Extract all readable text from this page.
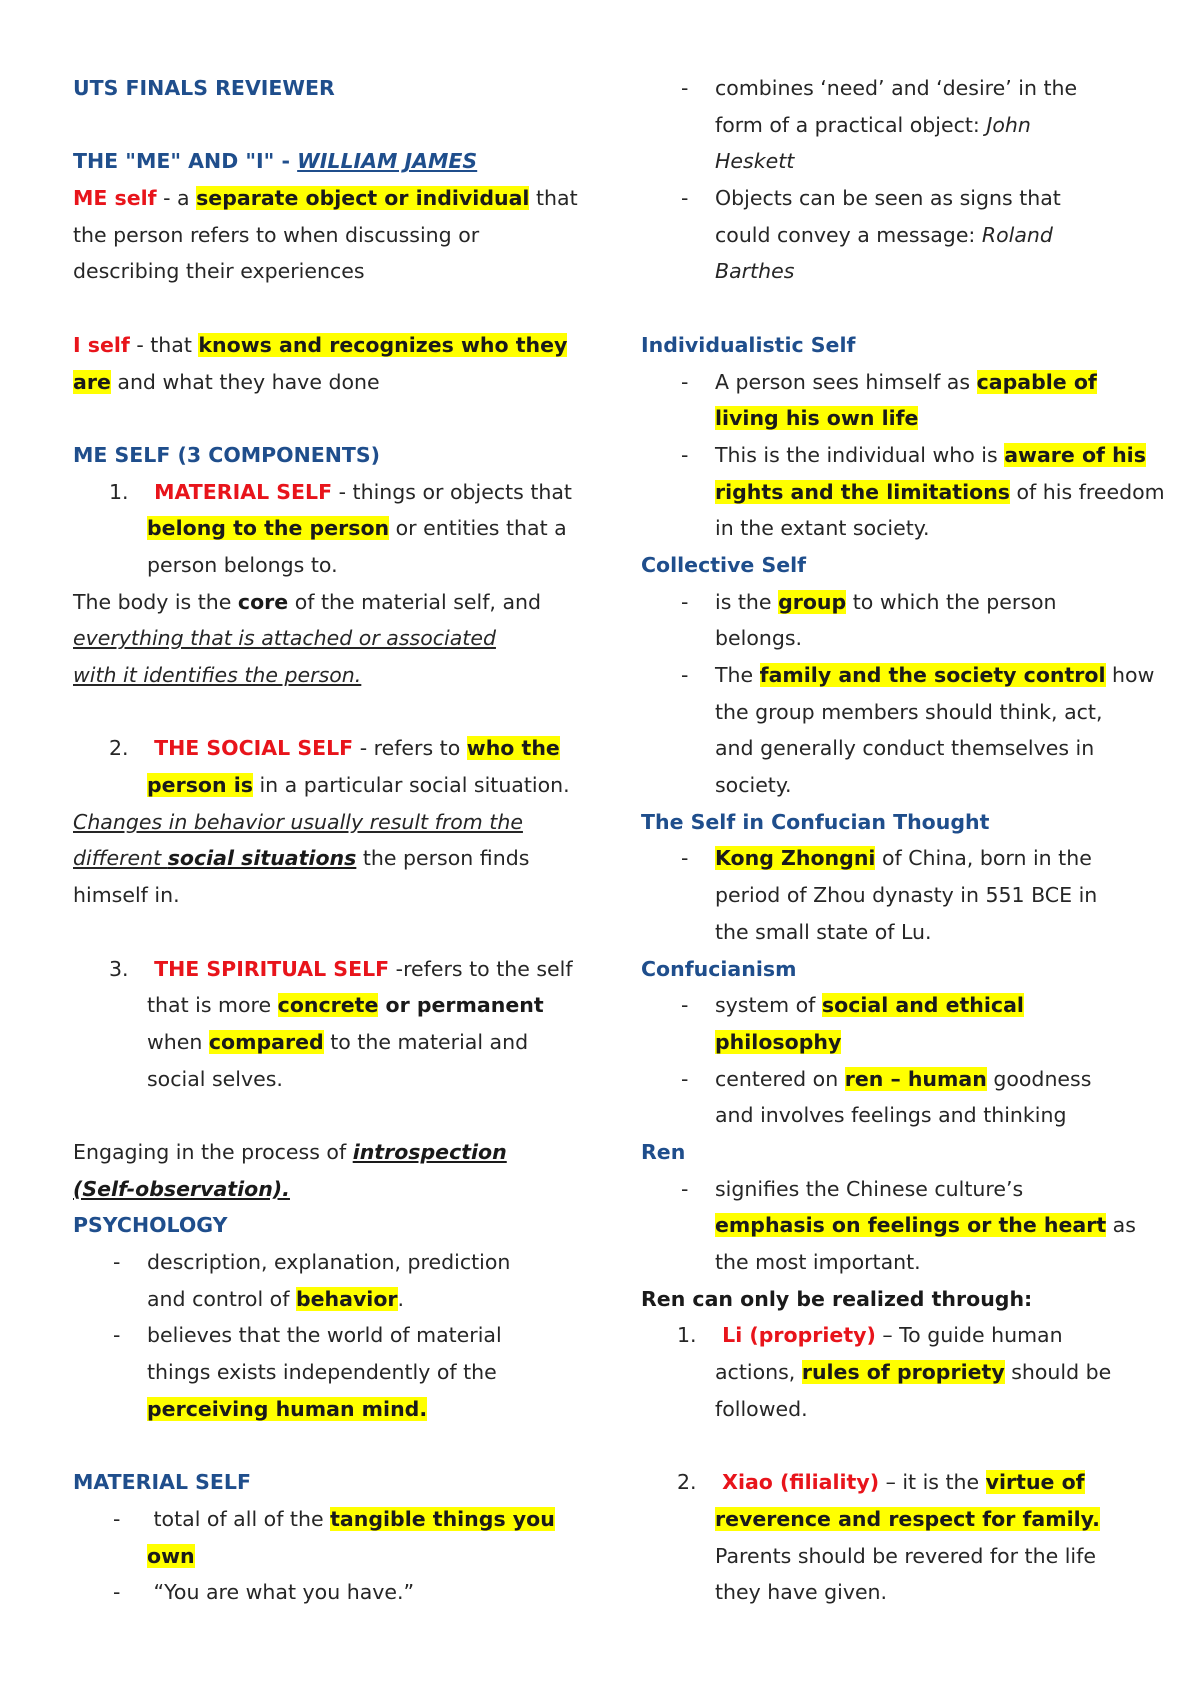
UTS FINALS REVIEWER
THE "ME" AND "I" - WILLIAM JAMES
ME self - a separate object or individual that
the person refers to when discussing or
describing their experiences
I self - that knows and recognizes who they
are and what they have done
ME SELF (3 COMPONENTS)
1. MATERIAL SELF - things or objects that
belong to the person or entities that a
person belongs to.
The body is the core of the material self, and
everything that is attached or associated
with it identifies the person.
2. THE SOCIAL SELF - refers to who the
person is in a particular social situation.
Changes in behavior usually result from the
different social situations the person finds
himself in.
3. THE SPIRITUAL SELF -refers to the self
that is more concrete or permanent
when compared to the material and
social selves.
Engaging in the process of introspection
(Self-observation).
PSYCHOLOGY
- description, explanation, prediction
and control of behavior.
- believes that the world of material
things exists independently of the
perceiving human mind.
MATERIAL SELF
- total of all of the tangible things you
own
- “You are what you have.”
- combines ‘need’ and ‘desire’ in the
form of a practical object: John
Heskett
- Objects can be seen as signs that
could convey a message: Roland
Barthes
Individualistic Self
- A person sees himself as capable of
living his own life
- This is the individual who is aware of his
rights and the limitations of his freedom
in the extant society.
Collective Self
- is the group to which the person
belongs.
- The family and the society control how
the group members should think, act,
and generally conduct themselves in
society.
The Self in Confucian Thought
- Kong Zhongni of China, born in the
period of Zhou dynasty in 551 BCE in
the small state of Lu.
Confucianism
- system of social and ethical
philosophy
- centered on ren – human goodness
and involves feelings and thinking
Ren
- signifies the Chinese culture’s
emphasis on feelings or the heart as
the most important.
Ren can only be realized through:
1. Li (propriety) – To guide human
actions, rules of propriety should be
followed.
2. Xiao (filiality) – it is the virtue of
reverence and respect for family.
Parents should be revered for the life
they have given.
